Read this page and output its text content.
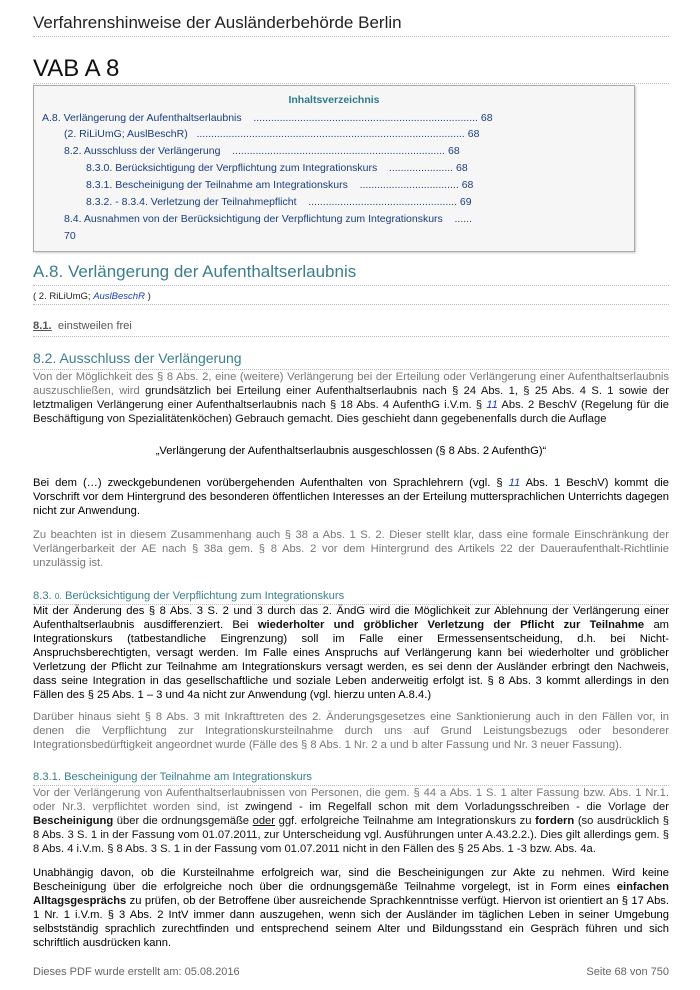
Verfahrenshinweise der Ausländerbehörde Berlin
VAB A 8
Inhaltsverzeichnis
A.8. Verlängerung der Aufenthaltserlaubnis    ............................................................................. 68
(2. RiLiUmG; AuslBeschR)   ............................................................................................ 68
8.2. Ausschluss der Verlängerung    ......................................................................... 68
8.3.0. Berücksichtigung der Verpflichtung zum Integrationskurs    ...................... 68
8.3.1. Bescheinigung der Teilnahme am Integrationskurs    .................................. 68
8.3.2. - 8.3.4. Verletzung der Teilnahmepflicht    ................................................... 69
8.4. Ausnahmen von der Berücksichtigung der Verpflichtung zum Integrationskurs    ......
70
A.8. Verlängerung der Aufenthaltserlaubnis
( 2. RiLiUmG; AuslBeschR )
8.1. einstweilen frei
8.2. Ausschluss der Verlängerung
Von der Möglichkeit des § 8 Abs. 2, eine (weitere) Verlängerung bei der Erteilung oder Verlängerung einer Aufenthaltserlaubnis auszuschließen, wird grundsätzlich bei Erteilung einer Aufenthaltserlaubnis nach § 24 Abs. 1, § 25 Abs. 4 S. 1 sowie der letztmaligen Verlängerung einer Aufenthaltserlaubnis nach § 18 Abs. 4 AufenthG i.V.m. § 11 Abs. 2 BeschV (Regelung für die Beschäftigung von Spezialitätenköchen) Gebrauch gemacht. Dies geschieht dann gegebenenfalls durch die Auflage
„Verlängerung der Aufenthaltserlaubnis ausgeschlossen (§ 8 Abs. 2 AufenthG)“
Bei dem (…) zweckgebundenen vorübergehenden Aufenthalten von Sprachlehrern (vgl. § 11 Abs. 1 BeschV) kommt die Vorschrift vor dem Hintergrund des besonderen öffentlichen Interesses an der Erteilung muttersprachlichen Unterrichts dagegen nicht zur Anwendung.
Zu beachten ist in diesem Zusammenhang auch § 38 a Abs. 1 S. 2. Dieser stellt klar, dass eine formale Einschränkung der Verlängerbarkeit der AE nach § 38a gem. § 8 Abs. 2 vor dem Hintergrund des Artikels 22 der Daueraufenthalt-Richtlinie unzulässig ist.
8.3. 0. Berücksichtigung der Verpflichtung zum Integrationskurs
Mit der Änderung des § 8 Abs. 3 S. 2 und 3 durch das 2. ÄndG wird die Möglichkeit zur Ablehnung der Verlängerung einer Aufenthaltserlaubnis ausdifferenziert. Bei wiederholter und gröblicher Verletzung der Pflicht zur Teilnahme am Integrationskurs (tatbestandliche Eingrenzung) soll im Falle einer Ermessensentscheidung, d.h. bei Nicht-Anspruchsberechtigten, versagt werden. Im Falle eines Anspruchs auf Verlängerung kann bei wiederholter und gröblicher Verletzung der Pflicht zur Teilnahme am Integrationskurs versagt werden, es sei denn der Ausländer erbringt den Nachweis, dass seine Integration in das gesellschaftliche und soziale Leben anderweitig erfolgt ist. § 8 Abs. 3 kommt allerdings in den Fällen des § 25 Abs. 1 – 3 und 4a nicht zur Anwendung (vgl. hierzu unten A.8.4.)
Darüber hinaus sieht § 8 Abs. 3 mit Inkrafttreten des 2. Änderungsgesetzes eine Sanktionierung auch in den Fällen vor, in denen die Verpflichtung zur Integrationskursteilnahme durch uns auf Grund Leistungsbezugs oder besonderer Integrationsbedürftigkeit angeordnet wurde (Fälle des § 8 Abs. 1 Nr. 2 a und b alter Fassung und Nr. 3 neuer Fassung).
8.3.1. Bescheinigung der Teilnahme am Integrationskurs
Vor der Verlängerung von Aufenthaltserlaubnissen von Personen, die gem. § 44 a Abs. 1 S. 1 alter Fassung bzw. Abs. 1 Nr.1. oder Nr.3. verpflichtet worden sind, ist zwingend - im Regelfall schon mit dem Vorladungsschreiben - die Vorlage der Bescheinigung über die ordnungsgemäße oder ggf. erfolgreiche Teilnahme am Integrationskurs zu fordern (so ausdrücklich § 8 Abs. 3 S. 1 in der Fassung vom 01.07.2011, zur Unterscheidung vgl. Ausführungen unter A.43.2.2.). Dies gilt allerdings gem. § 8 Abs. 4 i.V.m. § 8 Abs. 3 S. 1 in der Fassung vom 01.07.2011 nicht in den Fällen des § 25 Abs. 1 -3 bzw. Abs. 4a.
Unabhängig davon, ob die Kursteilnahme erfolgreich war, sind die Bescheinigungen zur Akte zu nehmen. Wird keine Bescheinigung über die erfolgreiche noch über die ordnungsgemäße Teilnahme vorgelegt, ist in Form eines einfachen Alltagsgesprächs zu prüfen, ob der Betroffene über ausreichende Sprachkenntnisse verfügt. Hiervon ist orientiert an § 17 Abs. 1 Nr. 1 i.V.m. § 3 Abs. 2 IntV immer dann auszugehen, wenn sich der Ausländer im täglichen Leben in seiner Umgebung selbstständig sprachlich zurechtfinden und entsprechend seinem Alter und Bildungsstand ein Gespräch führen und sich schriftlich ausdrücken kann.
Dieses PDF wurde erstellt am: 05.08.2016	Seite 68 von 750
